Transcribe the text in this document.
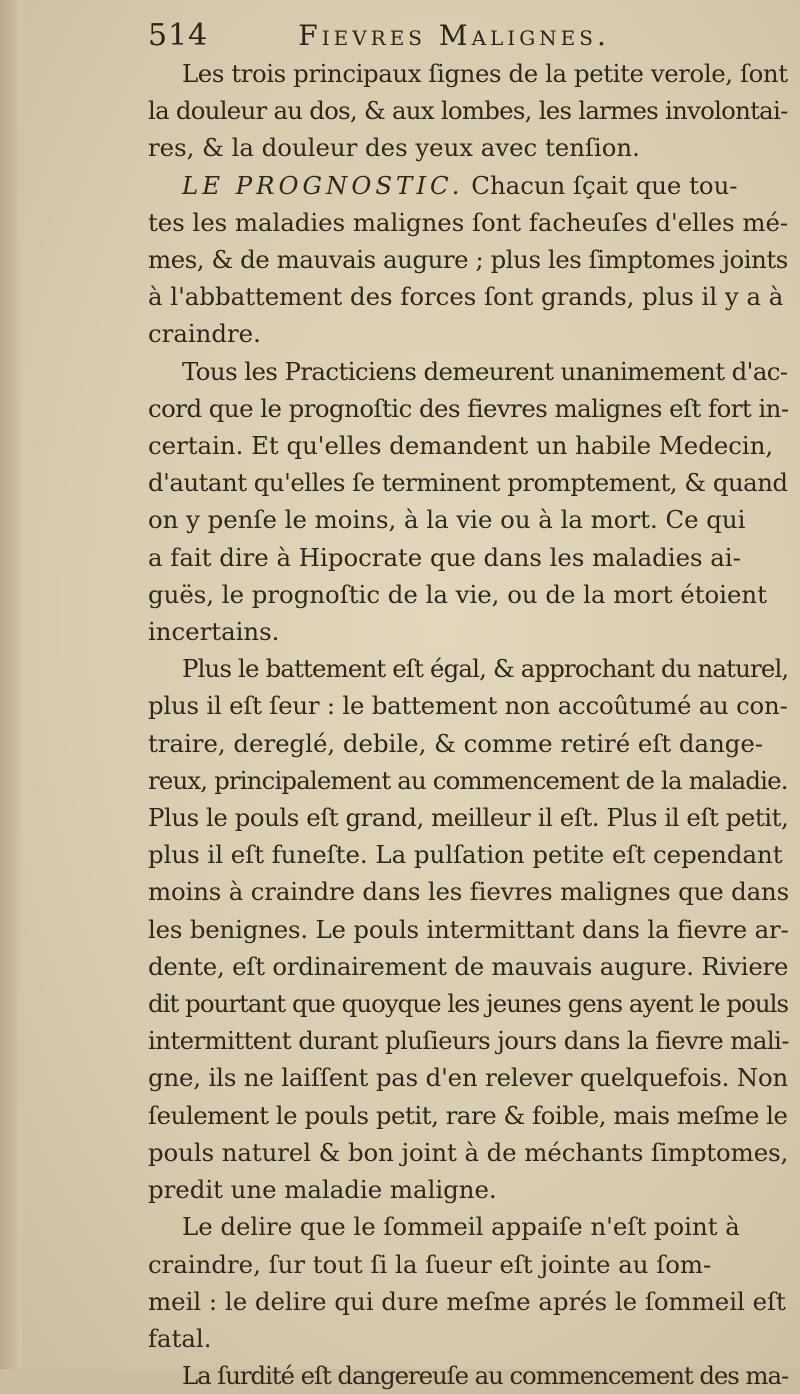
514	Fievres Malignes.

Les trois principaux ſignes de la petite verole, ſont
la douleur au dos, & aux lombes, les larmes involontai-
res, & la douleur des yeux avec tenſion.

LE PROGNOSTIC. Chacun ſçait que tou-
tes les maladies malignes ſont facheuſes d'elles mé-
mes, & de mauvais augure ; plus les ſimptomes joints
à l'abbattement des forces ſont grands, plus il y a à
craindre.

Tous les Practiciens demeurent unanimement d'ac-
cord que le prognoſtic des fievres malignes eſt fort in-
certain. Et qu'elles demandent un habile Medecin,
d'autant qu'elles ſe terminent promptement, & quand
on y penſe le moins, à la vie ou à la mort. Ce qui
a fait dire à Hipocrate que dans les maladies ai-
guës, le prognoſtic de la vie, ou de la mort étoient
incertains.

Plus le battement eſt égal, & approchant du naturel,
plus il eſt ſeur : le battement non accoûtumé au con-
traire, dereglé, debile, & comme retiré eſt dange-
reux, principalement au commencement de la maladie.
Plus le pouls eſt grand, meilleur il eſt. Plus il eſt petit,
plus il eſt funeſte. La pulſation petite eſt cependant
moins à craindre dans les fievres malignes que dans
les benignes. Le pouls intermittant dans la fievre ar-
dente, eſt ordinairement de mauvais augure. Riviere
dit pourtant que quoyque les jeunes gens ayent le pouls
intermittent durant pluſieurs jours dans la fievre mali-
gne, ils ne laiſſent pas d'en relever quelquefois. Non
ſeulement le pouls petit, rare & foible, mais meſme le
pouls naturel & bon joint à de méchants ſimptomes,
predit une maladie maligne.

Le delire que le ſommeil appaiſe n'eſt point à
craindre, ſur tout ſi la ſueur eſt jointe au ſom-
meil : le delire qui dure meſme aprés le ſommeil eſt
fatal.

La ſurdité eſt dangereuſe au commencement des ma-
